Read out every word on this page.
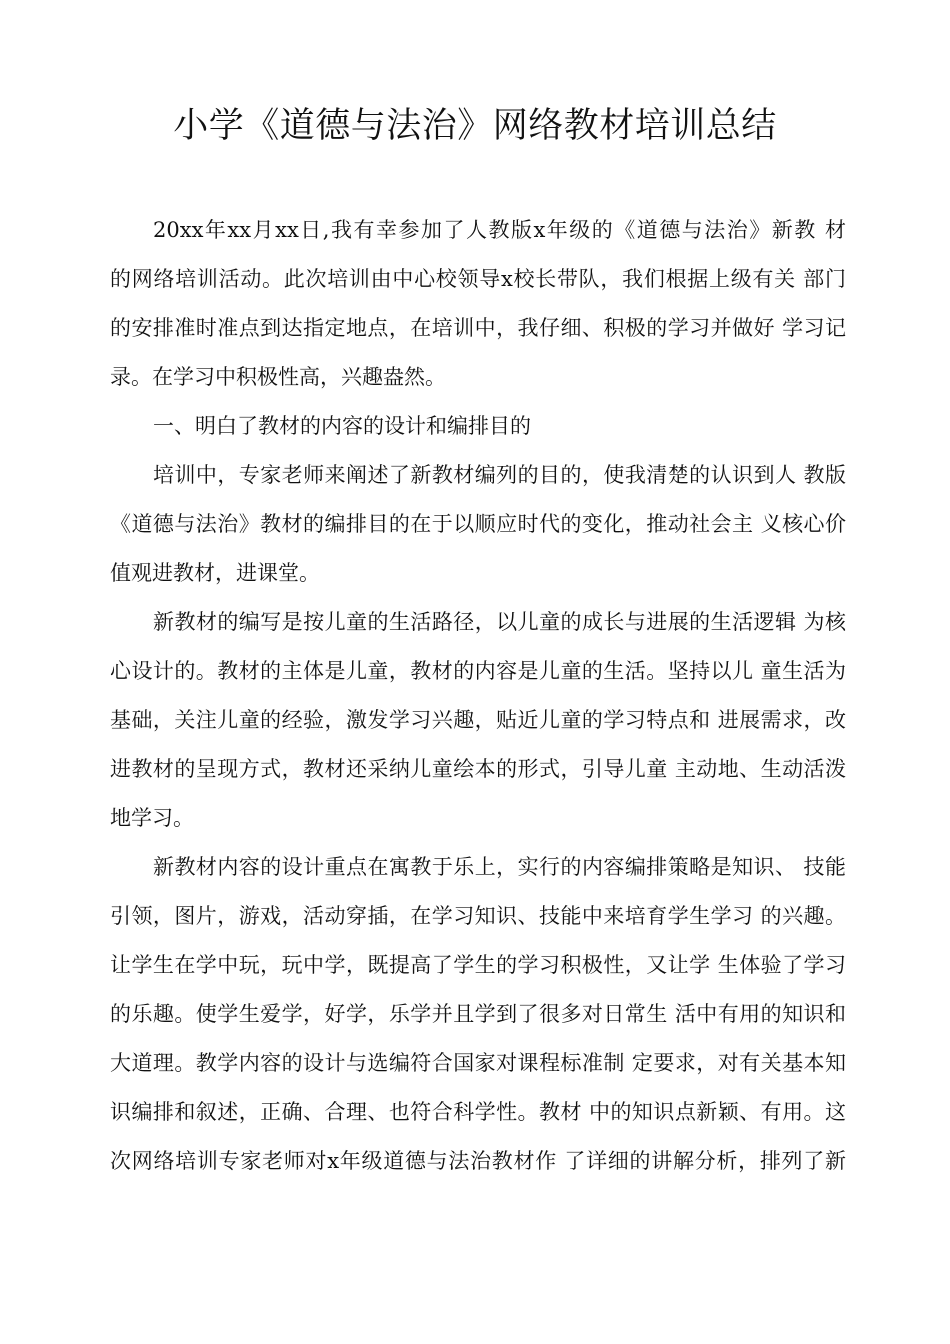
小学《道德与法治》网络教材培训总结
20xx年xx月xx日,我有幸参加了人教版x年级的《道德与法治》新教 材
的网络培训活动。此次培训由中心校领导x校长带队，我们根据上级有关 部门
的安排准时准点到达指定地点，在培训中，我仔细、积极的学习并做好 学习记
录。在学习中积极性高，兴趣盎然。
一、明白了教材的内容的设计和编排目的
培训中，专家老师来阐述了新教材编列的目的，使我清楚的认识到人 教版
《道德与法治》教材的编排目的在于以顺应时代的变化，推动社会主 义核心价
值观进教材，进课堂。
新教材的编写是按儿童的生活路径，以儿童的成长与进展的生活逻辑 为核
心设计的。教材的主体是儿童，教材的内容是儿童的生活。坚持以儿 童生活为
基础，关注儿童的经验，激发学习兴趣，贴近儿童的学习特点和 进展需求，改
进教材的呈现方式，教材还采纳儿童绘本的形式，引导儿童 主动地、生动活泼
地学习。
新教材内容的设计重点在寓教于乐上，实行的内容编排策略是知识、 技能
引领，图片，游戏，活动穿插，在学习知识、技能中来培育学生学习 的兴趣。
让学生在学中玩，玩中学，既提高了学生的学习积极性，又让学 生体验了学习
的乐趣。使学生爱学，好学，乐学并且学到了很多对日常生 活中有用的知识和
大道理。教学内容的设计与选编符合国家对课程标准制 定要求，对有关基本知
识编排和叙述，正确、合理、也符合科学性。教材 中的知识点新颖、有用。这
次网络培训专家老师对x年级道德与法治教材作 了详细的讲解分析，排列了新
